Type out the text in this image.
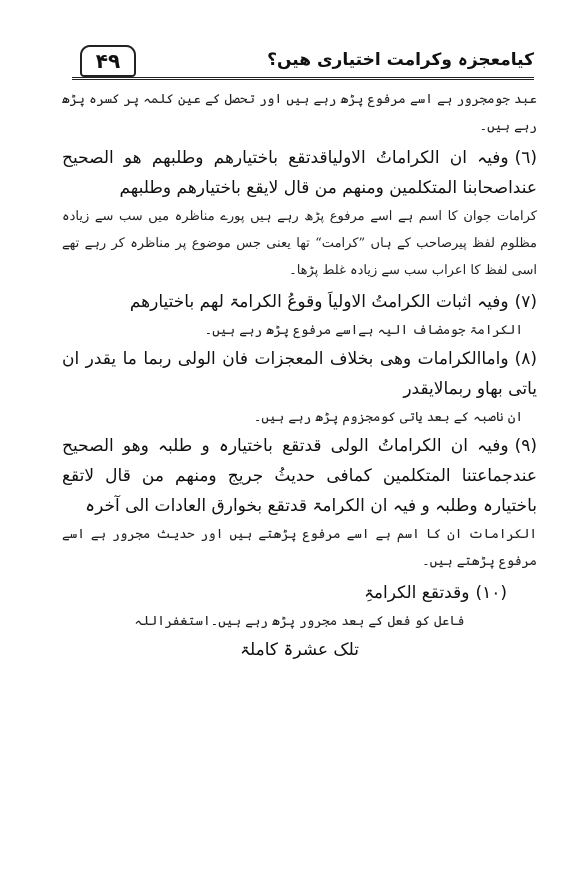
۴۹	کیامعجزہ وکرامت اختیاری ھیں؟

عبد جومجرور ہے اسے مرفوع پڑھ رہے ہیں اور تحصل کے عین کلمہ پر کسرہ پڑھ رہے ہیں۔

(٦)وفیہ ان الکراماتُ الاولیاقدتقع باختیارھم وطلبھم ھو الصحیح عنداصحابنا المتکلمین ومنھم من قال لایقع باختیارھم وطلبھم

کرامات جوان کا اسم ہے اسے مرفوع پڑھ رہے ہیں پورے مناظرہ میں سب سے زیادہ مظلوم لفظ پیرصاحب کے ہاں ”کرامت“ تھا یعنی جس موضوع پر مناظرہ کر رہے تھے اسی لفظ کا اعراب سب سے زیادہ غلط پڑھا۔

(٧)وفیہ اثبات الکرامتُ الاولیاَ وقوعُ الکرامۃ لھم باختیارھم

الکرامۃ جومضاف الیہ ہےاسے مرفوع پڑھ رہے ہیں۔

(٨)واماالکرامات وھی بخلاف المعجزات فان الولی ربما ما یقدر ان یاتی بھاو ربمالایقدر

ان ناصبہ کے بعد یاتی کومجزوم پڑھ رہے ہیں۔

(٩)وفیہ ان الکراماتُ الولی قدتقع باختیارہ و طلبہ وھو الصحیح عندجماعتنا المتکلمین کمافی حدیثُ جریج ومنھم من قال لاتقع باختیارہ وطلبہ و فیہ ان الکرامۃ قدتقع بخوارق العادات الی آخرہ

الکرامات ان کا اسم ہے اسے مرفوع پڑھتے ہیں اور حدیث مجرور ہے اسے مرفوع پڑھتے ہیں۔

(١٠)وقدتقع الکرامۃِ

فاعل کو فعل کے بعد مجرور پڑھ رہے ہیں۔استغفراللہ

تلک عشرۃ کاملۃ
